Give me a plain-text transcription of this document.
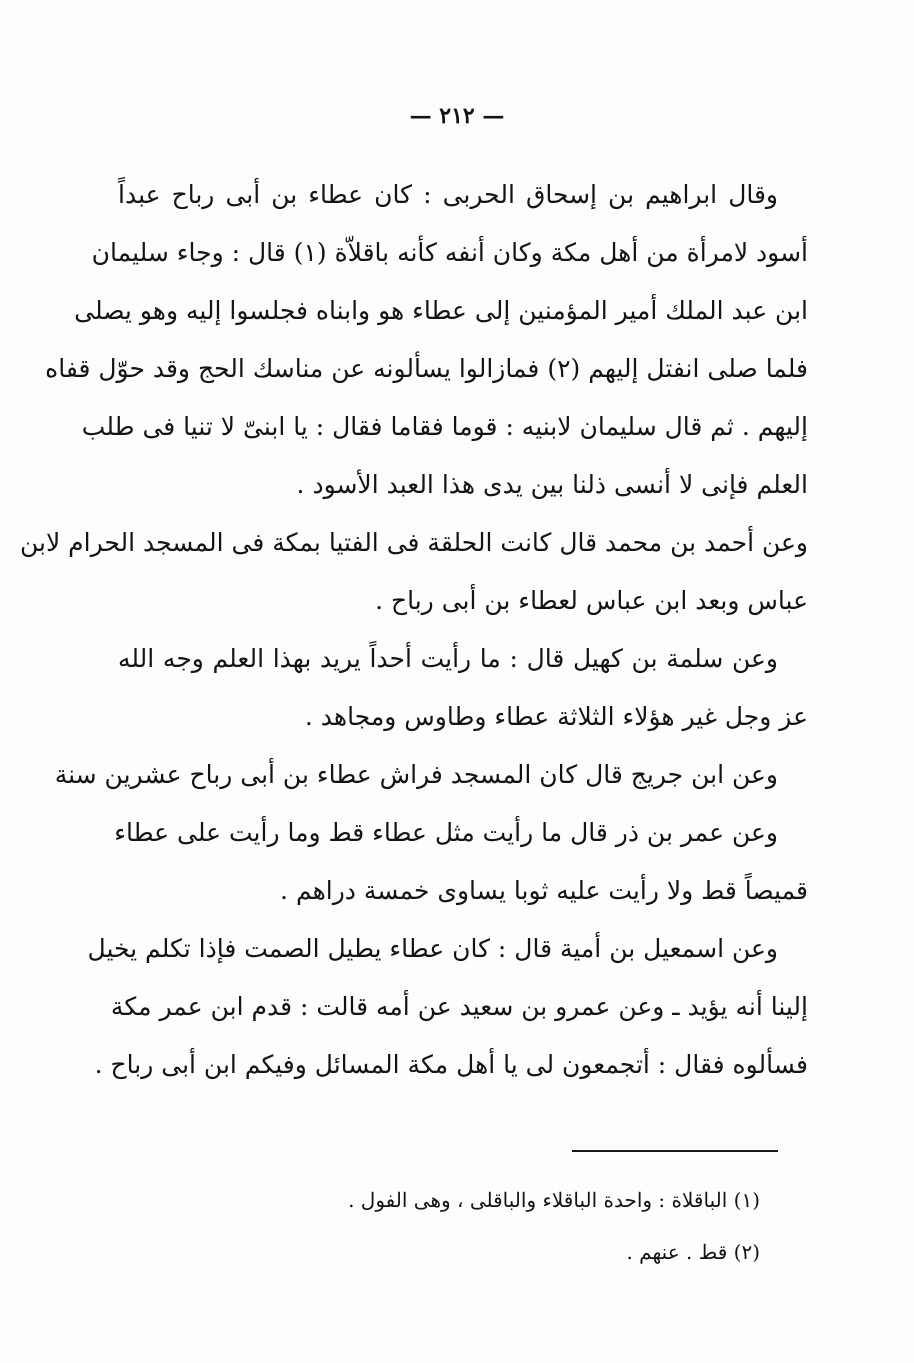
— ٢١٢ —
وقال ابراهيم بن إسحاق الحربى : كان عطاء بن أبى رباح عبداً
أسود لامرأة من أهل مكة وكان أنفه كأنه باقلاّة (١) قال : وجاء سليمان
ابن عبد الملك أمير المؤمنين إلى عطاء هو وابناه فجلسوا إليه وهو يصلى
فلما صلى انفتل إليهم (٢) فمازالوا يسألونه عن مناسك الحج وقد حوّل قفاه
إليهم . ثم قال سليمان لابنيه : قوما فقاما فقال : يا ابنىّ لا تنيا فى طلب
العلم فإنى لا أنسى ذلنا بين يدى هذا العبد الأسود .
وعن أحمد بن محمد قال كانت الحلقة فى الفتيا بمكة فى المسجد الحرام لابن
عباس وبعد ابن عباس لعطاء بن أبى رباح .
وعن سلمة بن كهيل قال : ما رأيت أحداً يريد بهذا العلم وجه الله
عز وجل غير هؤلاء الثلاثة عطاء وطاوس ومجاهد .
وعن ابن جريج قال كان المسجد فراش عطاء بن أبى رباح عشرين سنة
وعن عمر بن ذر قال ما رأيت مثل عطاء قط وما رأيت على عطاء
قميصاً قط ولا رأيت عليه ثوبا يساوى خمسة دراهم .
وعن اسمعيل بن أمية قال : كان عطاء يطيل الصمت فإذا تكلم يخيل
إلينا أنه يؤيد ـ وعن عمرو بن سعيد عن أمه قالت : قدم ابن عمر مكة
فسألوه فقال : أتجمعون لى يا أهل مكة المسائل وفيكم ابن أبى رباح .
(١) الباقلاة : واحدة الباقلاء والباقلى ، وهى الفول .
(٢) قط . عنهم .
